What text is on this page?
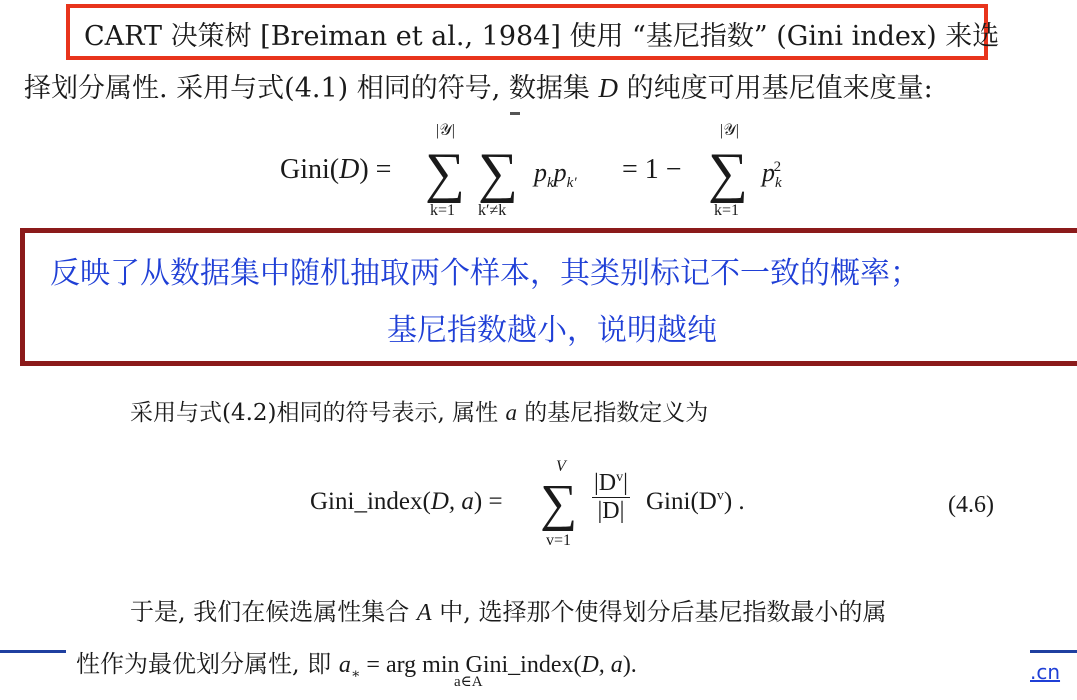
CART 决策树 [Breiman et al., 1984] 使用 “基尼指数” (Gini index) 来选
择划分属性. 采用与式(4.1) 相同的符号, 数据集 D 的纯度可用基尼值来度量:
Gini(D) = ∑
|𝒴|
k=1
∑
k′≠k
$p_kp_{k'} = 1$ − ∑
|𝒴|
k=1
$p_k^2$
反映了从数据集中随机抽取两个样本，其类别标记不一致的概率；
基尼指数越小，说明越纯
采用与式(4.2)相同的符号表示, 属性 a 的基尼指数定义为
Gini_index(D, a) = ∑
V
v=1
$\frac{|D^v|}{|D|}$ $Gini(D^v)$ .	(4.6)
于是, 我们在候选属性集合 A 中, 选择那个使得划分后基尼指数最小的属
性作为最优划分属性, 即 $a_∗$ = arg min Gini_index(D, a).
a∈A	.cn
